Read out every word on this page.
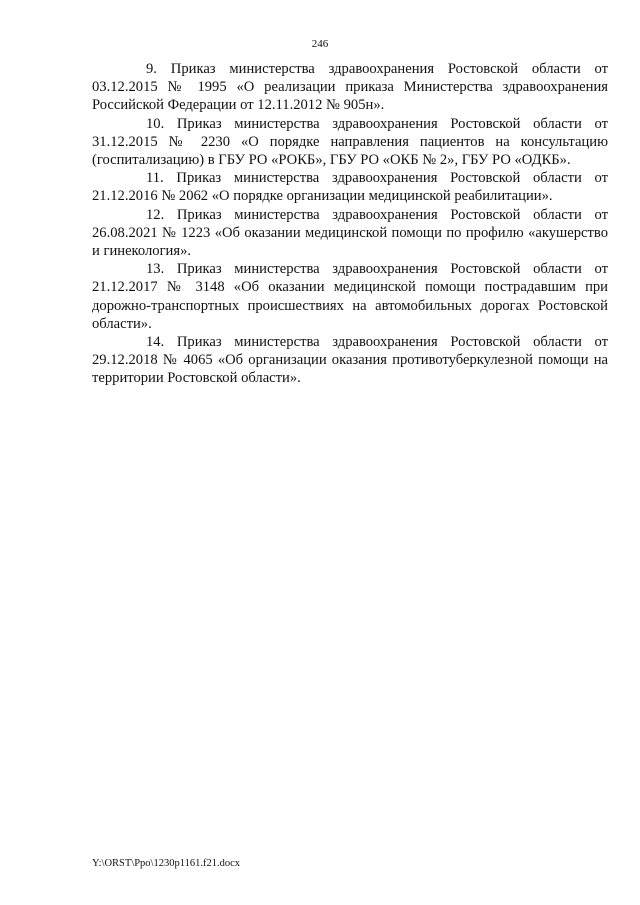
246

9. Приказ министерства здравоохранения Ростовской области от 03.12.2015 № 1995 «О реализации приказа Министерства здравоохранения Российской Федерации от 12.11.2012 № 905н».

10. Приказ министерства здравоохранения Ростовской области от 31.12.2015 № 2230 «О порядке направления пациентов на консультацию (госпитализацию) в ГБУ РО «РОКБ», ГБУ РО «ОКБ № 2», ГБУ РО «ОДКБ».

11. Приказ министерства здравоохранения Ростовской области от 21.12.2016 № 2062 «О порядке организации медицинской реабилитации».

12. Приказ министерства здравоохранения Ростовской области от 26.08.2021 № 1223 «Об оказании медицинской помощи по профилю «акушерство и гинекология».

13. Приказ министерства здравоохранения Ростовской области от 21.12.2017 № 3148 «Об оказании медицинской помощи пострадавшим при дорожно-транспортных происшествиях на автомобильных дорогах Ростовской области».

14. Приказ министерства здравоохранения Ростовской области от 29.12.2018 № 4065 «Об организации оказания противотуберкулезной помощи на территории Ростовской области».

Y:\ORST\Ppo\1230p1161.f21.docx
